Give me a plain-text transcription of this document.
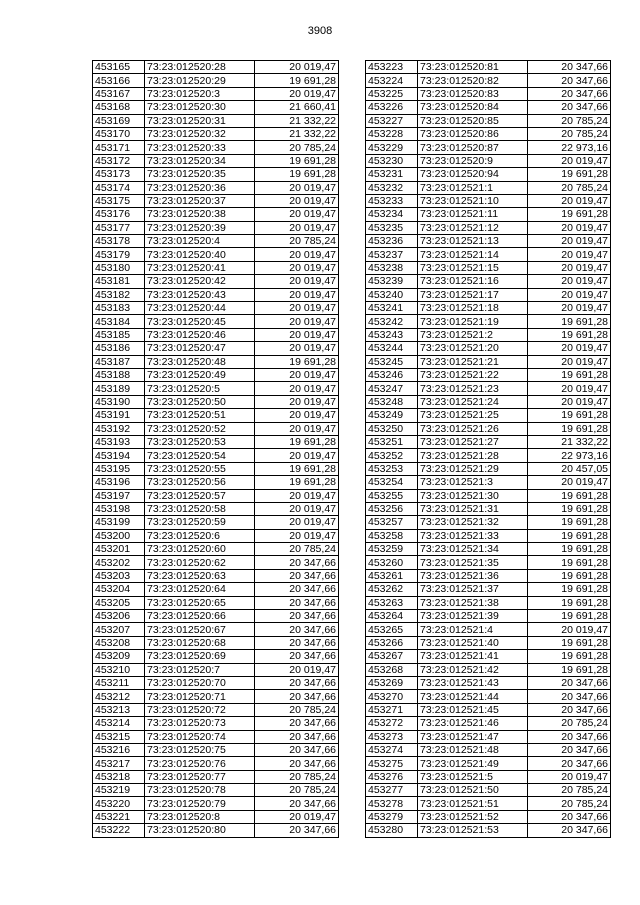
3908
453165	73:23:012520:28	20 019,47
453166	73:23:012520:29	19 691,28
453167	73:23:012520:3	20 019,47
453168	73:23:012520:30	21 660,41
453169	73:23:012520:31	21 332,22
453170	73:23:012520:32	21 332,22
453171	73:23:012520:33	20 785,24
453172	73:23:012520:34	19 691,28
453173	73:23:012520:35	19 691,28
453174	73:23:012520:36	20 019,47
453175	73:23:012520:37	20 019,47
453176	73:23:012520:38	20 019,47
453177	73:23:012520:39	20 019,47
453178	73:23:012520:4	20 785,24
453179	73:23:012520:40	20 019,47
453180	73:23:012520:41	20 019,47
453181	73:23:012520:42	20 019,47
453182	73:23:012520:43	20 019,47
453183	73:23:012520:44	20 019,47
453184	73:23:012520:45	20 019,47
453185	73:23:012520:46	20 019,47
453186	73:23:012520:47	20 019,47
453187	73:23:012520:48	19 691,28
453188	73:23:012520:49	20 019,47
453189	73:23:012520:5	20 019,47
453190	73:23:012520:50	20 019,47
453191	73:23:012520:51	20 019,47
453192	73:23:012520:52	20 019,47
453193	73:23:012520:53	19 691,28
453194	73:23:012520:54	20 019,47
453195	73:23:012520:55	19 691,28
453196	73:23:012520:56	19 691,28
453197	73:23:012520:57	20 019,47
453198	73:23:012520:58	20 019,47
453199	73:23:012520:59	20 019,47
453200	73:23:012520:6	20 019,47
453201	73:23:012520:60	20 785,24
453202	73:23:012520:62	20 347,66
453203	73:23:012520:63	20 347,66
453204	73:23:012520:64	20 347,66
453205	73:23:012520:65	20 347,66
453206	73:23:012520:66	20 347,66
453207	73:23:012520:67	20 347,66
453208	73:23:012520:68	20 347,66
453209	73:23:012520:69	20 347,66
453210	73:23:012520:7	20 019,47
453211	73:23:012520:70	20 347,66
453212	73:23:012520:71	20 347,66
453213	73:23:012520:72	20 785,24
453214	73:23:012520:73	20 347,66
453215	73:23:012520:74	20 347,66
453216	73:23:012520:75	20 347,66
453217	73:23:012520:76	20 347,66
453218	73:23:012520:77	20 785,24
453219	73:23:012520:78	20 785,24
453220	73:23:012520:79	20 347,66
453221	73:23:012520:8	20 019,47
453222	73:23:012520:80	20 347,66
453223	73:23:012520:81	20 347,66
453224	73:23:012520:82	20 347,66
453225	73:23:012520:83	20 347,66
453226	73:23:012520:84	20 347,66
453227	73:23:012520:85	20 785,24
453228	73:23:012520:86	20 785,24
453229	73:23:012520:87	22 973,16
453230	73:23:012520:9	20 019,47
453231	73:23:012520:94	19 691,28
453232	73:23:012521:1	20 785,24
453233	73:23:012521:10	20 019,47
453234	73:23:012521:11	19 691,28
453235	73:23:012521:12	20 019,47
453236	73:23:012521:13	20 019,47
453237	73:23:012521:14	20 019,47
453238	73:23:012521:15	20 019,47
453239	73:23:012521:16	20 019,47
453240	73:23:012521:17	20 019,47
453241	73:23:012521:18	20 019,47
453242	73:23:012521:19	19 691,28
453243	73:23:012521:2	19 691,28
453244	73:23:012521:20	20 019,47
453245	73:23:012521:21	20 019,47
453246	73:23:012521:22	19 691,28
453247	73:23:012521:23	20 019,47
453248	73:23:012521:24	20 019,47
453249	73:23:012521:25	19 691,28
453250	73:23:012521:26	19 691,28
453251	73:23:012521:27	21 332,22
453252	73:23:012521:28	22 973,16
453253	73:23:012521:29	20 457,05
453254	73:23:012521:3	20 019,47
453255	73:23:012521:30	19 691,28
453256	73:23:012521:31	19 691,28
453257	73:23:012521:32	19 691,28
453258	73:23:012521:33	19 691,28
453259	73:23:012521:34	19 691,28
453260	73:23:012521:35	19 691,28
453261	73:23:012521:36	19 691,28
453262	73:23:012521:37	19 691,28
453263	73:23:012521:38	19 691,28
453264	73:23:012521:39	19 691,28
453265	73:23:012521:4	20 019,47
453266	73:23:012521:40	19 691,28
453267	73:23:012521:41	19 691,28
453268	73:23:012521:42	19 691,28
453269	73:23:012521:43	20 347,66
453270	73:23:012521:44	20 347,66
453271	73:23:012521:45	20 347,66
453272	73:23:012521:46	20 785,24
453273	73:23:012521:47	20 347,66
453274	73:23:012521:48	20 347,66
453275	73:23:012521:49	20 347,66
453276	73:23:012521:5	20 019,47
453277	73:23:012521:50	20 785,24
453278	73:23:012521:51	20 785,24
453279	73:23:012521:52	20 347,66
453280	73:23:012521:53	20 347,66
